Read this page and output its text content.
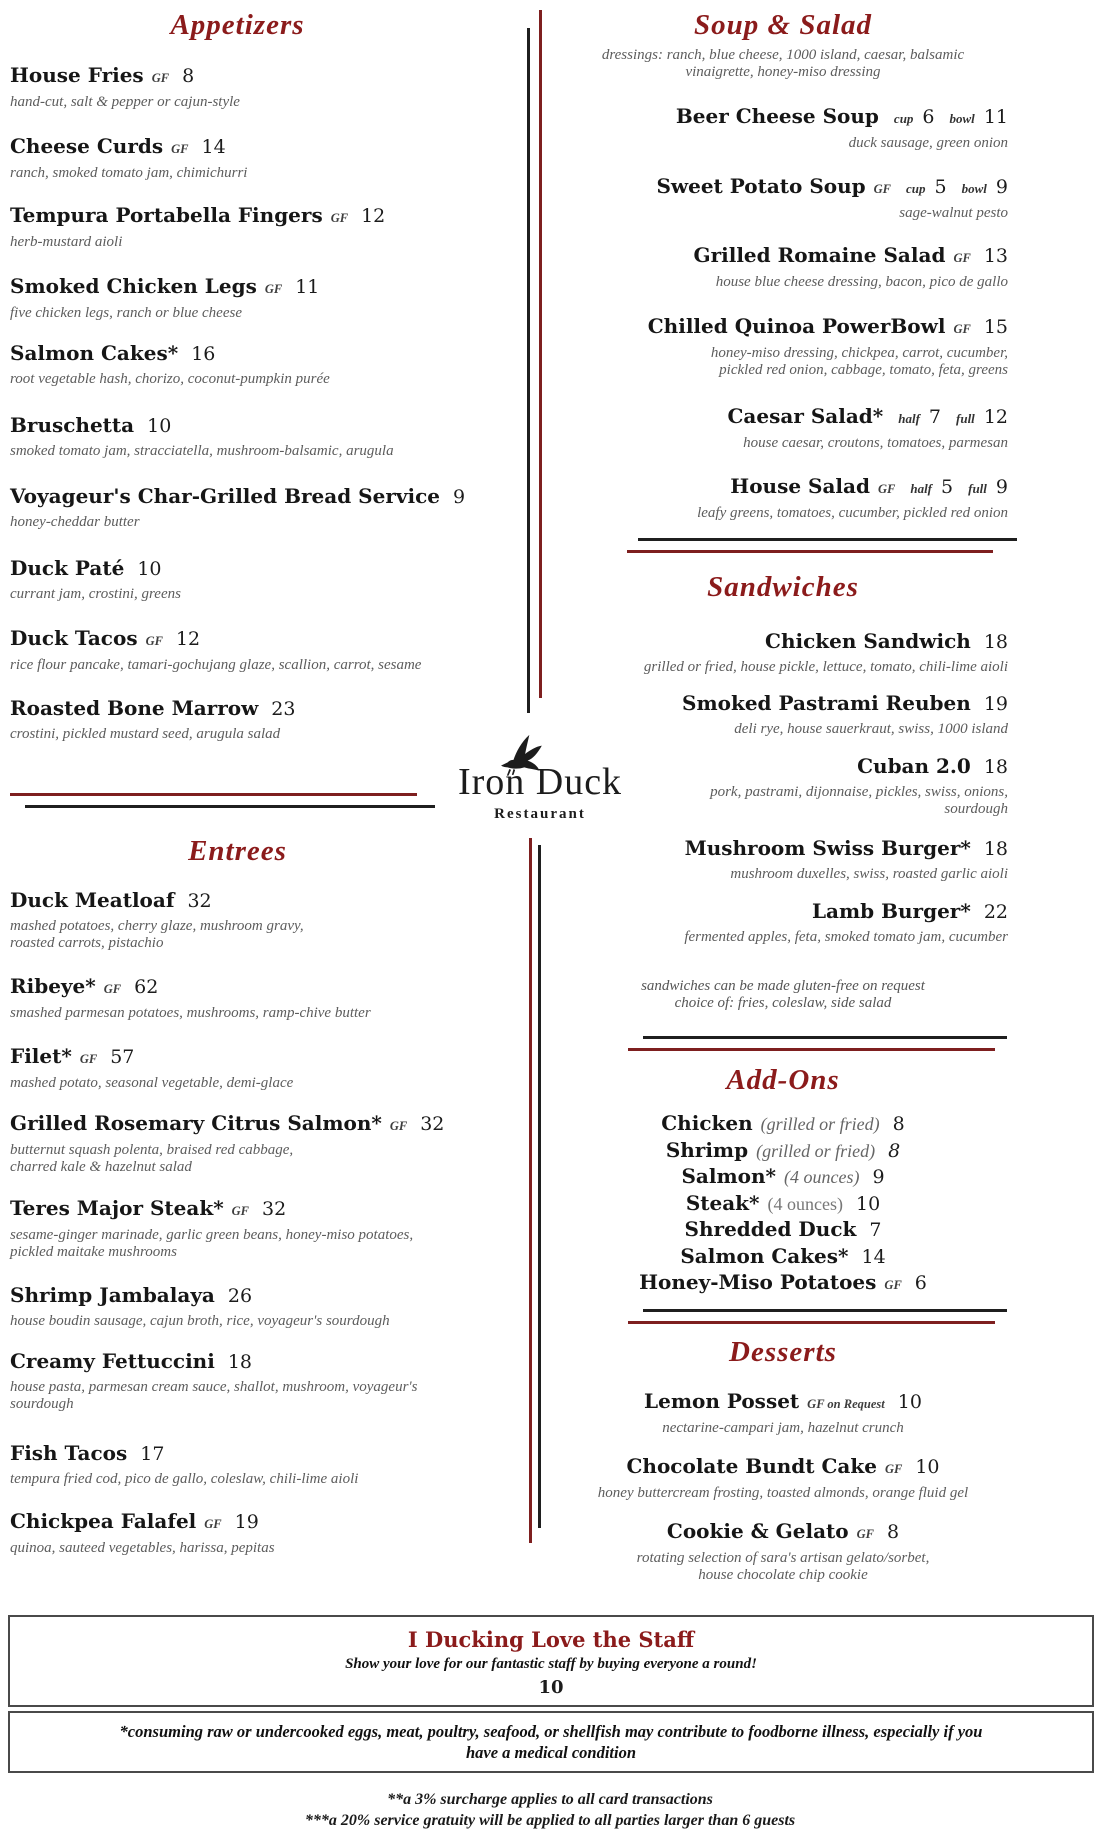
Appetizers
House Fries GF 8
hand-cut, salt & pepper or cajun-style
Cheese Curds GF 14
ranch, smoked tomato jam, chimichurri
Tempura Portabella Fingers GF 12
herb-mustard aioli
Smoked Chicken Legs GF 11
five chicken legs, ranch or blue cheese
Salmon Cakes* 16
root vegetable hash, chorizo, coconut-pumpkin purée
Bruschetta 10
smoked tomato jam, stracciatella, mushroom-balsamic, arugula
Voyageur's Char-Grilled Bread Service 9
honey-cheddar butter
Duck Paté 10
currant jam, crostini, greens
Duck Tacos GF 12
rice flour pancake, tamari-gochujang glaze, scallion, carrot, sesame
Roasted Bone Marrow 23
crostini, pickled mustard seed, arugula salad
Entrees
Duck Meatloaf 32
mashed potatoes, cherry glaze, mushroom gravy,
roasted carrots, pistachio
Ribeye* GF 62
smashed parmesan potatoes, mushrooms, ramp-chive butter
Filet* GF 57
mashed potato, seasonal vegetable, demi-glace
Grilled Rosemary Citrus Salmon* GF 32
butternut squash polenta, braised red cabbage,
charred kale & hazelnut salad
Teres Major Steak* GF 32
sesame-ginger marinade, garlic green beans, honey-miso potatoes,
pickled maitake mushrooms
Shrimp Jambalaya 26
house boudin sausage, cajun broth, rice, voyageur's sourdough
Creamy Fettuccini 18
house pasta, parmesan cream sauce, shallot, mushroom, voyageur's
sourdough
Fish Tacos 17
tempura fried cod, pico de gallo, coleslaw, chili-lime aioli
Chickpea Falafel GF 19
quinoa, sauteed vegetables, harissa, pepitas
Iron Duck
Restaurant
Soup & Salad
dressings: ranch, blue cheese, 1000 island, caesar, balsamic
vinaigrette, honey-miso dressing
Beer Cheese Soup cup 6 bowl 11
duck sausage, green onion
Sweet Potato Soup GF cup 5 bowl 9
sage-walnut pesto
Grilled Romaine Salad GF 13
house blue cheese dressing, bacon, pico de gallo
Chilled Quinoa PowerBowl GF 15
honey-miso dressing, chickpea, carrot, cucumber,
pickled red onion, cabbage, tomato, feta, greens
Caesar Salad* half 7 full 12
house caesar, croutons, tomatoes, parmesan
House Salad GF half 5 full 9
leafy greens, tomatoes, cucumber, pickled red onion
Sandwiches
Chicken Sandwich 18
grilled or fried, house pickle, lettuce, tomato, chili-lime aioli
Smoked Pastrami Reuben 19
deli rye, house sauerkraut, swiss, 1000 island
Cuban 2.0 18
pork, pastrami, dijonnaise, pickles, swiss, onions,
sourdough
Mushroom Swiss Burger* 18
mushroom duxelles, swiss, roasted garlic aioli
Lamb Burger* 22
fermented apples, feta, smoked tomato jam, cucumber
sandwiches can be made gluten-free on request
choice of: fries, coleslaw, side salad
Add-Ons
Chicken (grilled or fried) 8
Shrimp (grilled or fried) 8
Salmon* (4 ounces) 9
Steak* (4 ounces) 10
Shredded Duck 7
Salmon Cakes* 14
Honey-Miso Potatoes GF 6
Desserts
Lemon Posset GF on Request 10
nectarine-campari jam, hazelnut crunch
Chocolate Bundt Cake GF 10
honey buttercream frosting, toasted almonds, orange fluid gel
Cookie & Gelato GF 8
rotating selection of sara's artisan gelato/sorbet,
house chocolate chip cookie
I Ducking Love the Staff
Show your love for our fantastic staff by buying everyone a round!
10
*consuming raw or undercooked eggs, meat, poultry, seafood, or shellfish may contribute to foodborne illness, especially if you
have a medical condition
**a 3% surcharge applies to all card transactions
***a 20% service gratuity will be applied to all parties larger than 6 guests
